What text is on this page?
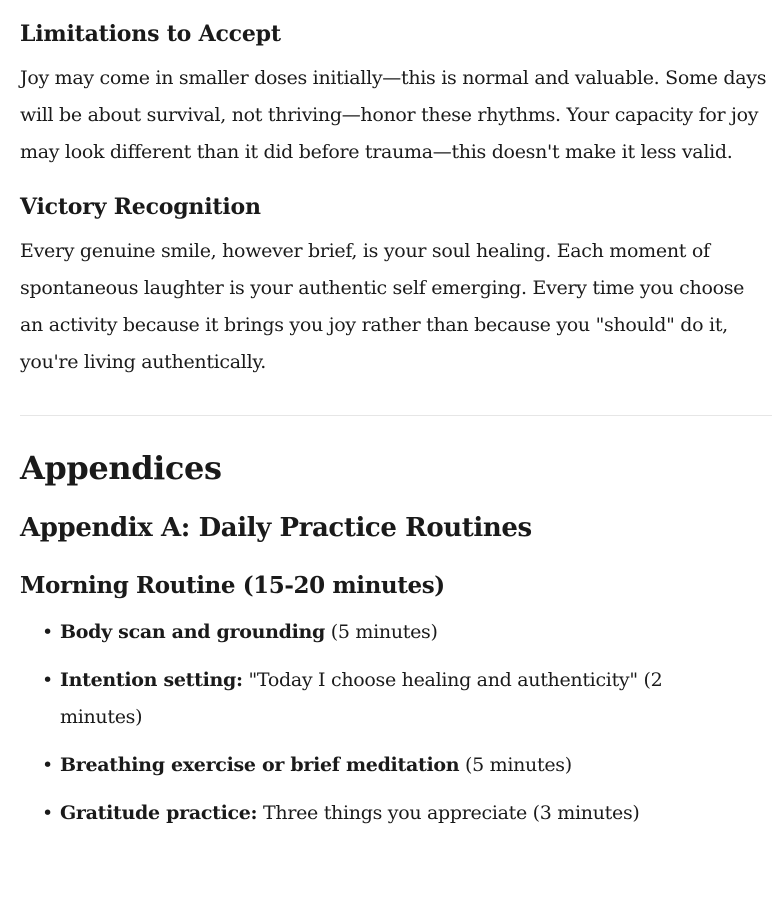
Limitations to Accept

Joy may come in smaller doses initially—this is normal and valuable. Some days will be about survival, not thriving—honor these rhythms. Your capacity for joy may look different than it did before trauma—this doesn't make it less valid.

Victory Recognition

Every genuine smile, however brief, is your soul healing. Each moment of spontaneous laughter is your authentic self emerging. Every time you choose an activity because it brings you joy rather than because you "should" do it, you're living authentically.

Appendices
Appendix A: Daily Practice Routines
Morning Routine (15-20 minutes)
• Body scan and grounding (5 minutes)
• Intention setting: "Today I choose healing and authenticity" (2 minutes)
• Breathing exercise or brief meditation (5 minutes)
• Gratitude practice: Three things you appreciate (3 minutes)
